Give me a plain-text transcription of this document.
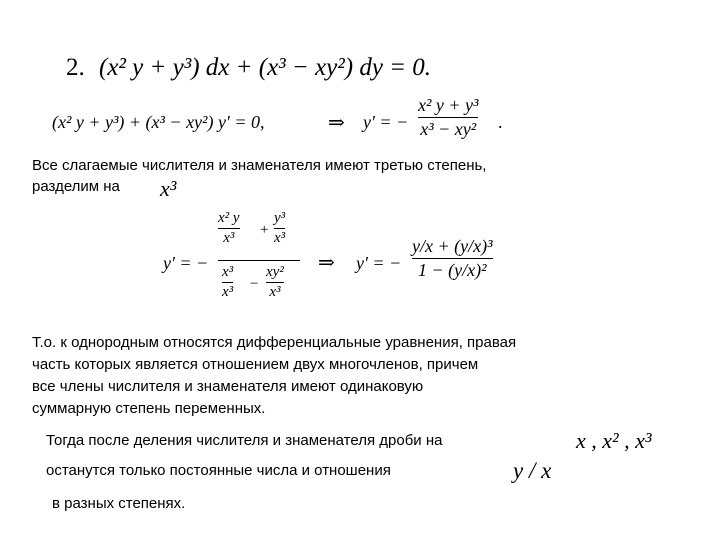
2. (x² y + y³) dx + (x³ − xy²) dy = 0.
(x² y + y³) + (x³ − xy²) y′ = 0,	⇒ y′ = −
x² y + y³
x³ − xy² .
Все слагаемые числителя и знаменателя имеют третью степень,
разделим на x³
y′ = −
x² y
x³ +
y³
x³
x³
x³ −
xy²
x³
⇒ y′ = −
y/x + (y/x)³
1 − (y/x)²
Т.о. к однородным относятся дифференциальные уравнения, правая
часть которых является отношением двух многочленов, причем
все члены числителя и знаменателя имеют одинаковую
суммарную степень переменных.
Тогда после деления числителя и знаменателя дроби на
останутся только постоянные числа и отношения
в разных степенях.
x , x² , x³
y / x
